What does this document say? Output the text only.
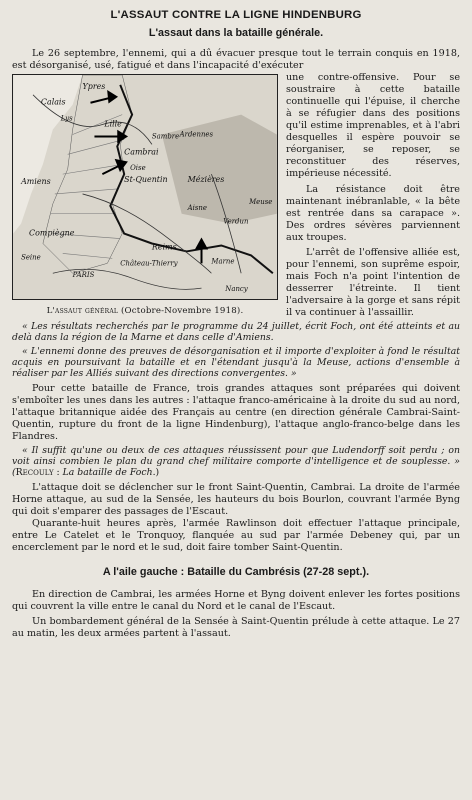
L'ASSAUT CONTRE LA LIGNE HINDENBURG
L'assaut dans la bataille générale.

Le 26 septembre, l'ennemi, qui a dû évacuer presque tout le terrain conquis en 1918, est désorganisé, usé, fatigué et dans l'incapacité d'exécuter

Ypres
Calais
Lys
Lille
Cambrai
Sambre Ardennes
Oise
St-Quentin
Amiens	Mézières
Compiègne
Reims
Verdun
Aisne
Château-Thierry	Marne
PARIS
Seine
Nancy
Meuse
L'assaut général (Octobre-Novembre 1918).

une contre-offensive. Pour se soustraire à cette bataille continuelle qui l'épuise, il cherche à se réfugier dans des positions qu'il estime imprenables, et à l'abri desquelles il espère pouvoir se réorganiser, se reposer, se reconstituer des réserves, impérieuse nécessité.

La résistance doit être maintenant inébranlable, « la bête est rentrée dans sa carapace ». Des ordres sévères parviennent aux troupes.

L'arrêt de l'offensive alliée est, pour l'ennemi, son suprême espoir, mais Foch n'a point l'intention de desserrer l'étreinte. Il tient l'adversaire à la gorge et sans répit il va continuer à l'assaillir.

« Les résultats recherchés par le programme du 24 juillet, écrit Foch, ont été atteints et au delà dans la région de la Marne et dans celle d'Amiens.

« L'ennemi donne des preuves de désorganisation et il importe d'exploiter à fond le résultat acquis en poursuivant la bataille et en l'étendant jusqu'à la Meuse, actions d'ensemble à réaliser par les Alliés suivant des directions convergentes. »

Pour cette bataille de France, trois grandes attaques sont préparées qui doivent s'emboîter les unes dans les autres : l'attaque franco-américaine à la droite du sud au nord, l'attaque britannique aidée des Français au centre (en direction générale Cambrai-Saint-Quentin, rupture du front de la ligne Hindenburg), l'attaque anglo-franco-belge dans les Flandres.

« Il suffit qu'une ou deux de ces attaques réussissent pour que Ludendorff soit perdu ; on voit ainsi combien le plan du grand chef militaire comporte d'intelligence et de souplesse. » (Recouly : La bataille de Foch.)

L'attaque doit se déclencher sur le front Saint-Quentin, Cambrai. La droite de l'armée Horne attaque, au sud de la Sensée, les hauteurs du bois Bourlon, couvrant l'armée Byng qui doit s'emparer des passages de l'Escaut.

Quarante-huit heures après, l'armée Rawlinson doit effectuer l'attaque principale, entre Le Catelet et le Tronquoy, flanquée au sud par l'armée Debeney qui, par un encerclement par le nord et le sud, doit faire tomber Saint-Quentin.

A l'aile gauche : Bataille du Cambrésis (27-28 sept.).

En direction de Cambrai, les armées Horne et Byng doivent enlever les fortes positions qui couvrent la ville entre le canal du Nord et le canal de l'Escaut.

Un bombardement général de la Sensée à Saint-Quentin prélude à cette attaque. Le 27 au matin, les deux armées partent à l'assaut.
